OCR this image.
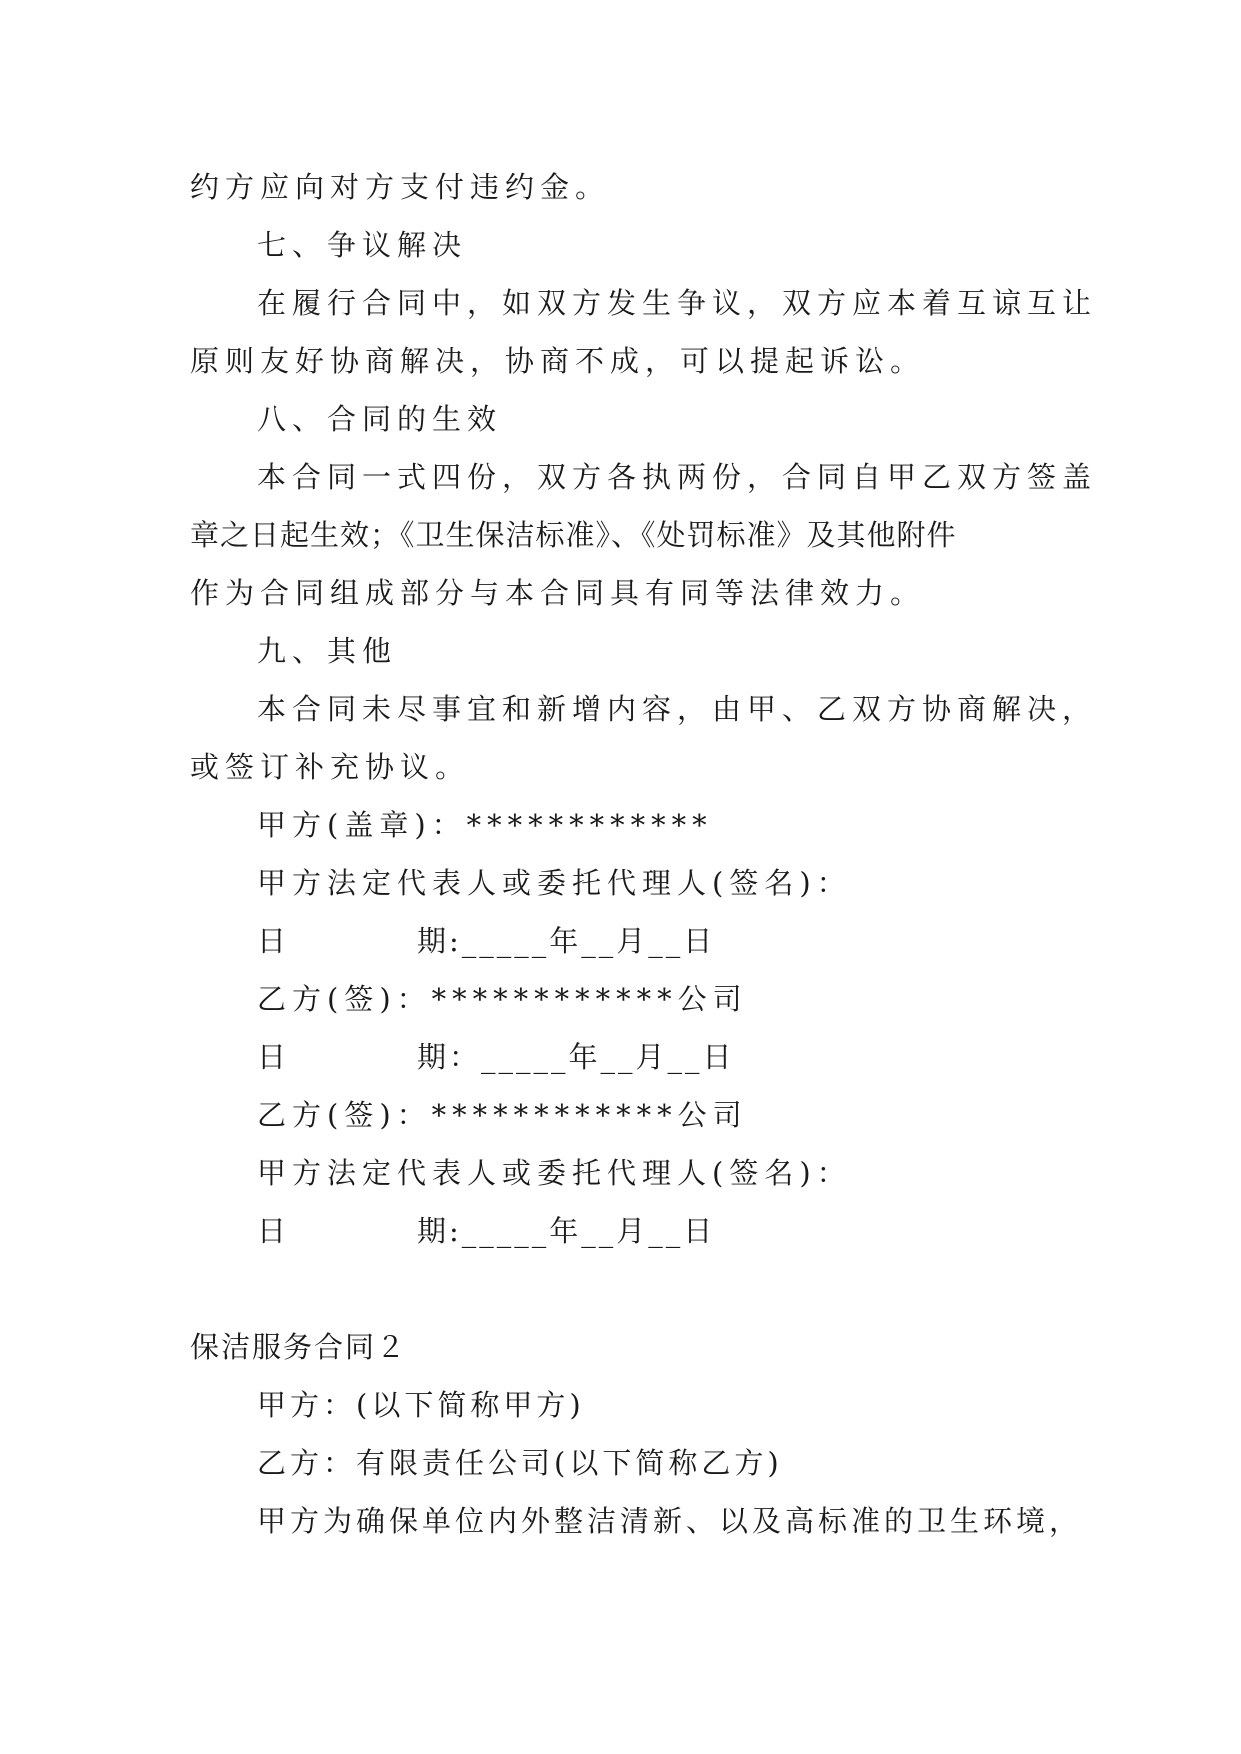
约方应向对方支付违约金。
七、争议解决
在履行合同中，如双方发生争议，双方应本着互谅互让
原则友好协商解决，协商不成，可以提起诉讼。
八、合同的生效
本合同一式四份，双方各执两份，合同自甲乙双方签盖
章之日起生效；《卫生保洁标准》、《处罚标准》及其他附件
作为合同组成部分与本合同具有同等法律效力。
九、其他
本合同未尽事宜和新增内容，由甲、乙双方协商解决，
或签订补充协议。
甲方(盖章)：************
甲方法定代表人或委托代理人(签名)：
日　　　　期:_____年__月__日
乙方(签)：************公司
日　　　　期：_____年__月__日
乙方(签)：************公司
甲方法定代表人或委托代理人(签名)：
日　　　　期:_____年__月__日
保洁服务合同２
甲方：(以下简称甲方)
乙方：有限责任公司(以下简称乙方)
甲方为确保单位内外整洁清新、以及高标准的卫生环境，
